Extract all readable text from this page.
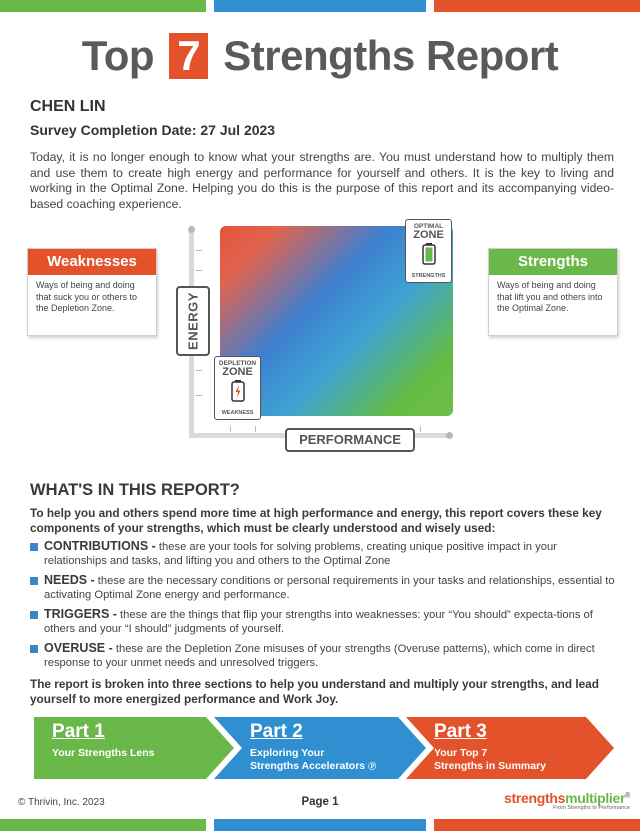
Top 7 Strengths Report
CHEN LIN
Survey Completion Date: 27 Jul 2023
Today, it is no longer enough to know what your strengths are. You must understand how to multiply them and use them to create high energy and performance for yourself and others. It is the key to living and working in the Optimal Zone. Helping you do this is the purpose of this report and its accompanying video-based coaching experience.
Weaknesses
Ways of being and doing that suck you or others to the Depletion Zone.
Strengths
Ways of being and doing that lift you and others into the Optimal Zone.
OPTIMAL
ZONE
STRENGTHS
DEPLETION
ZONE
WEAKNESS
ENERGY
PERFORMANCE
WHAT'S IN THIS REPORT?
To help you and others spend more time at high performance and energy, this report covers these key components of your strengths, which must be clearly understood and wisely used:
CONTRIBUTIONS - these are your tools for solving problems, creating unique positive impact in your relationships and tasks, and lifting you and others to the Optimal Zone
NEEDS - these are the necessary conditions or personal requirements in your tasks and relationships, essential to activating Optimal Zone energy and performance.
TRIGGERS - these are the things that flip your strengths into weaknesses: your “You should” expecta-tions of others and your “I should” judgments of yourself.
OVERUSE - these are the Depletion Zone misuses of your strengths (Overuse patterns), which come in direct response to your unmet needs and unresolved triggers.
The report is broken into three sections to help you understand and multiply your strengths, and lead yourself to more energized performance and Work Joy.
Part 1
Your Strengths Lens
Part 2
Exploring Your
Strengths Accelerators Ⓟ
Part 3
Your Top 7
Strengths in Summary
© Thrivin, Inc. 2023	Page 1	strengthsmultiplier®
From Strengths to Performance
